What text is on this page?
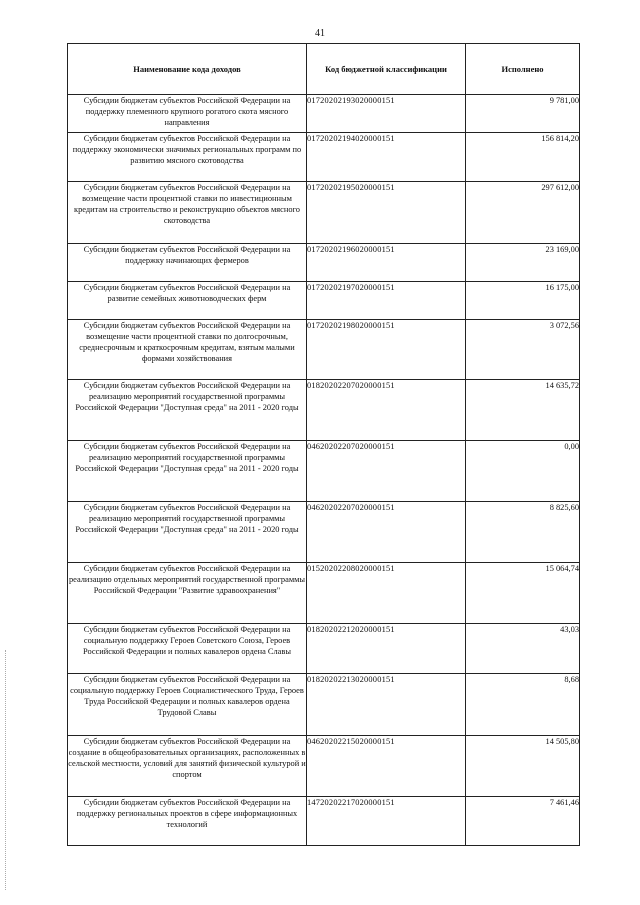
41
Наименование кода доходов	Код бюджетной классификации	Исполнено
Субсидии бюджетам субъектов Российской Федерации на поддержку племенного крупного рогатого скота мясного направления	01720202193020000151	9 781,00
Субсидии бюджетам субъектов Российской Федерации на поддержку экономически значимых региональных программ по развитию мясного скотоводства	01720202194020000151	156 814,20
Субсидии бюджетам субъектов Российской Федерации на возмещение части процентной ставки по инвестиционным кредитам на строительство и реконструкцию объектов мясного скотоводства	01720202195020000151	297 612,00
Субсидии бюджетам субъектов Российской Федерации на поддержку начинающих фермеров	01720202196020000151	23 169,00
Субсидии бюджетам субъектов Российской Федерации на развитие семейных животноводческих ферм	01720202197020000151	16 175,00
Субсидии бюджетам субъектов Российской Федерации на возмещение части процентной ставки по долгосрочным, среднесрочным и краткосрочным кредитам, взятым малыми формами хозяйствования	01720202198020000151	3 072,56
Субсидии бюджетам субъектов Российской Федерации на реализацию мероприятий государственной программы Российской Федерации "Доступная среда" на 2011 - 2020 годы	01820202207020000151	14 635,72
Субсидии бюджетам субъектов Российской Федерации на реализацию мероприятий государственной программы Российской Федерации "Доступная среда" на 2011 - 2020 годы	04620202207020000151	0,00
Субсидии бюджетам субъектов Российской Федерации на реализацию мероприятий государственной программы Российской Федерации "Доступная среда" на 2011 - 2020 годы	04620202207020000151	8 825,60
Субсидии бюджетам субъектов Российской Федерации на реализацию отдельных мероприятий государственной программы Российской Федерации "Развитие здравоохранения"	01520202208020000151	15 064,74
Субсидии бюджетам субъектов Российской Федерации на социальную поддержку Героев Советского Союза, Героев Российской Федерации и полных кавалеров ордена Славы	01820202212020000151	43,03
Субсидии бюджетам субъектов Российской Федерации на социальную поддержку Героев Социалистического Труда, Героев Труда Российской Федерации и полных кавалеров ордена Трудовой Славы	01820202213020000151	8,68
Субсидии бюджетам субъектов Российской Федерации на создание в общеобразовательных организациях, расположенных в сельской местности, условий для занятий физической культурой и спортом	04620202215020000151	14 505,80
Субсидии бюджетам субъектов Российской Федерации на поддержку региональных проектов в сфере информационных технологий	14720202217020000151	7 461,46
